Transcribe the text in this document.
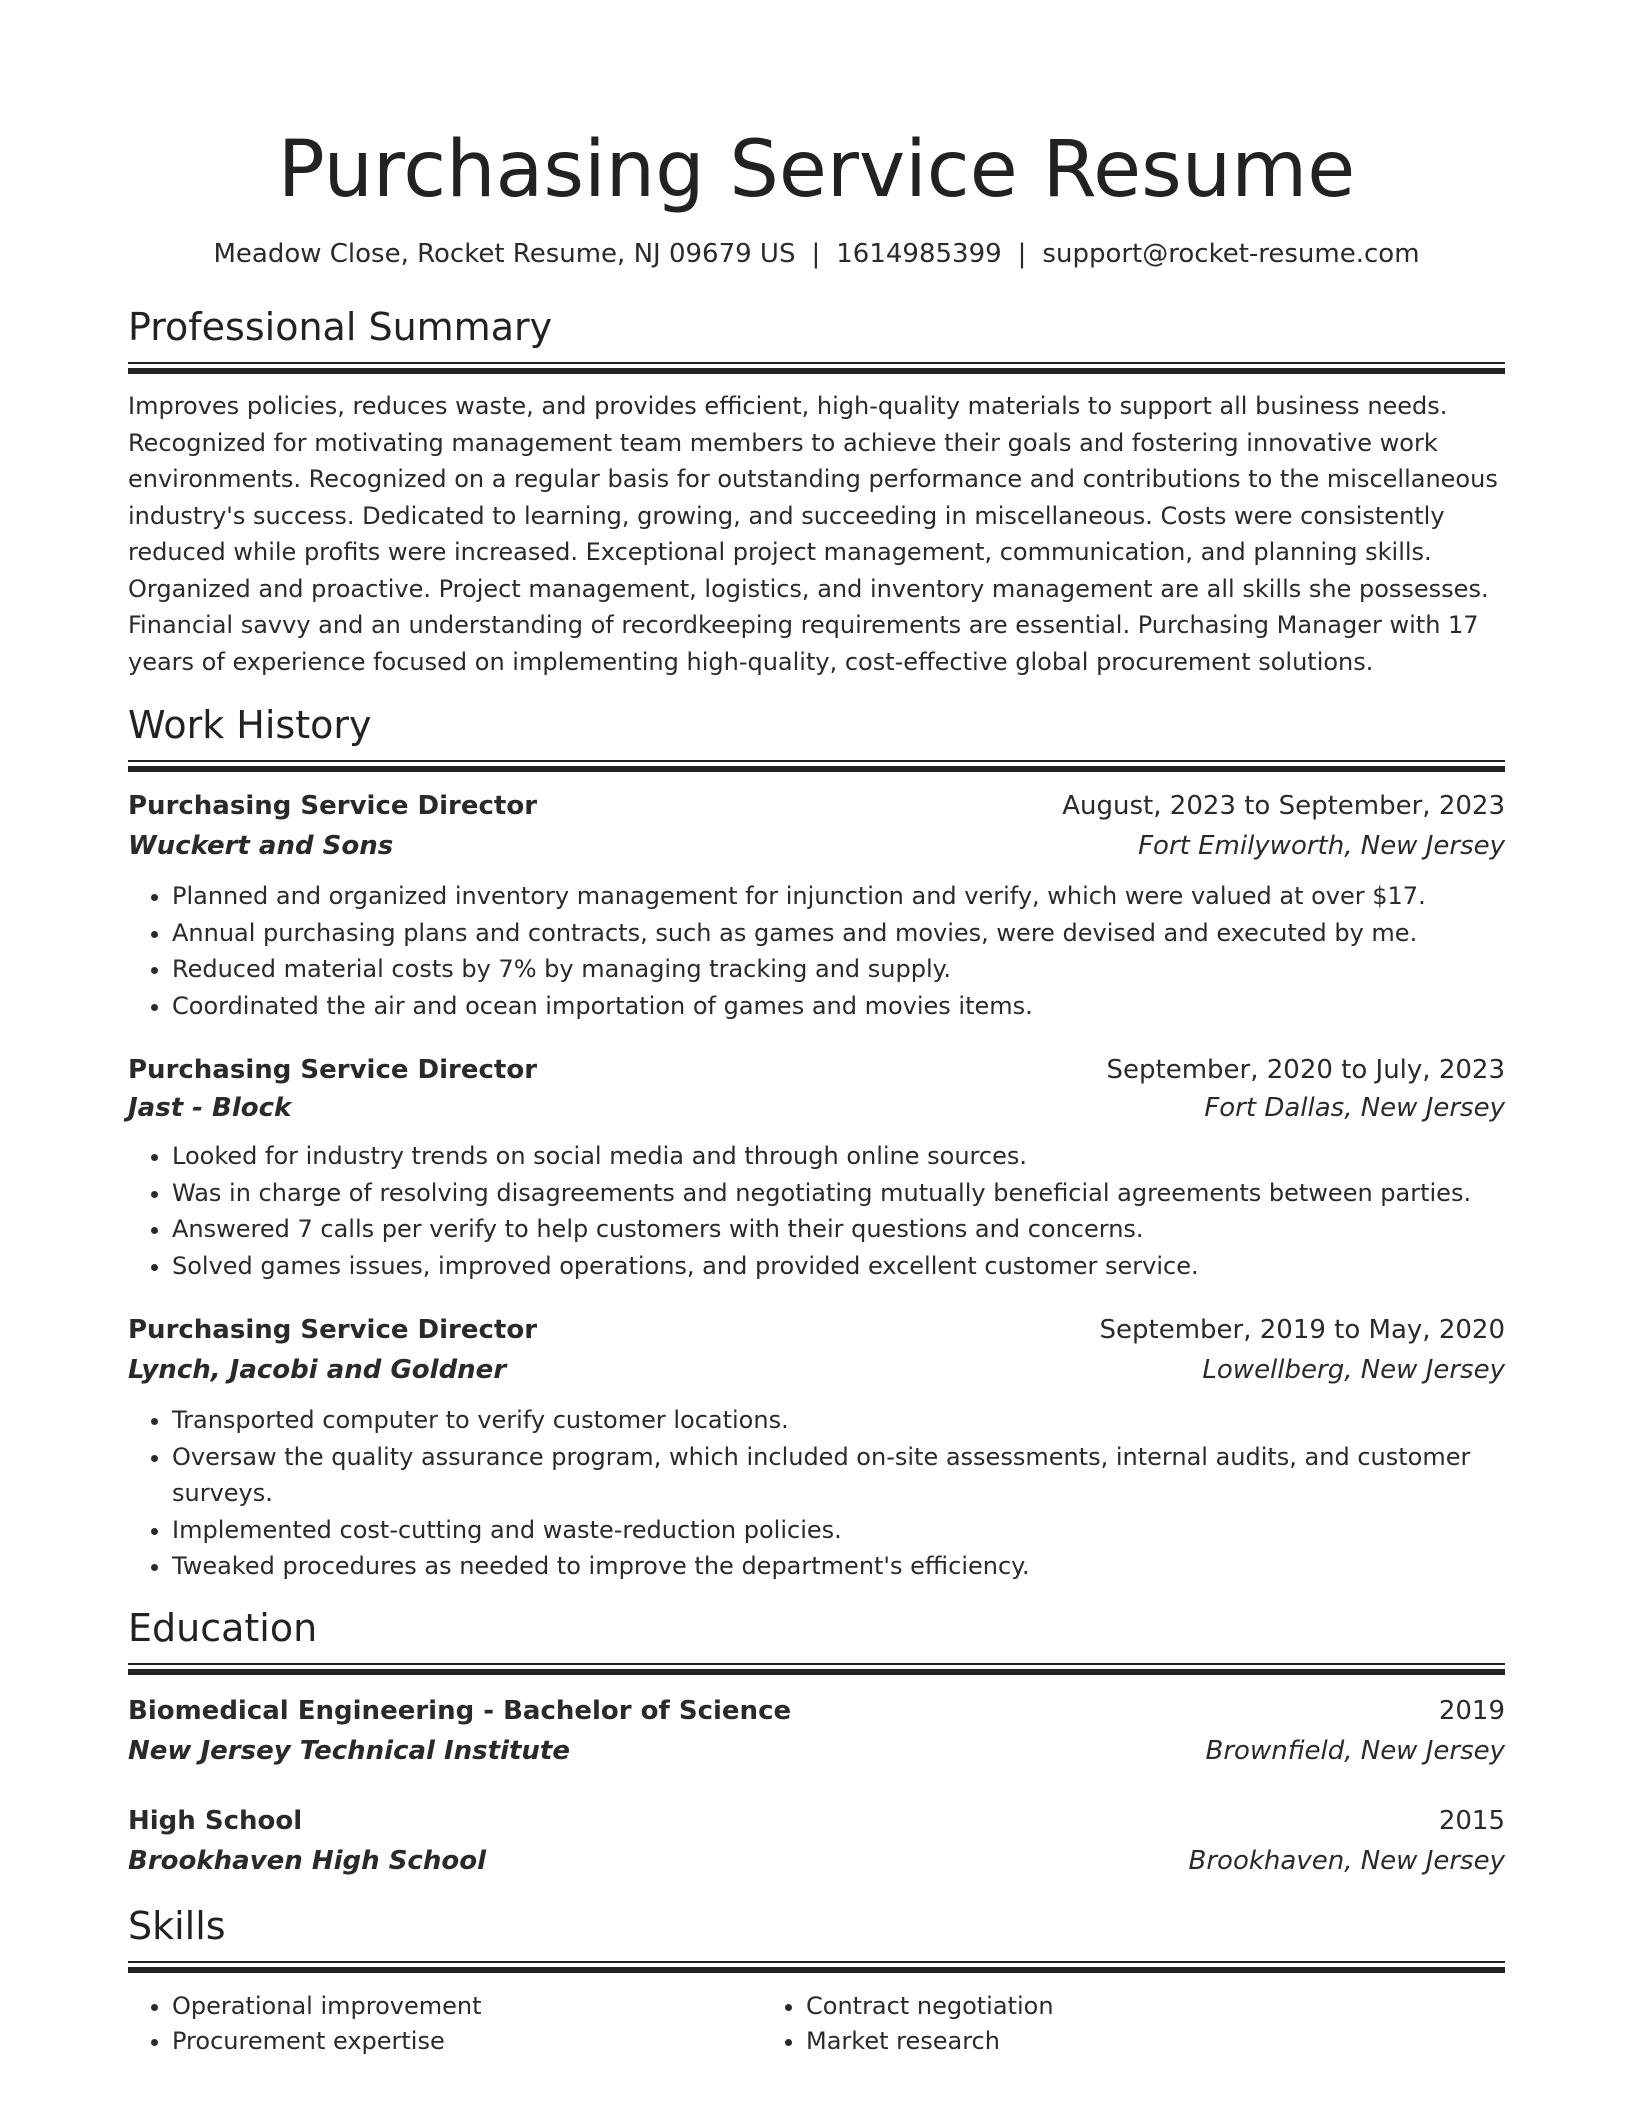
Purchasing Service Resume
Meadow Close, Rocket Resume, NJ 09679 US | 1614985399 | support@rocket-resume.com
Professional Summary
Improves policies, reduces waste, and provides efficient, high-quality materials to support all business needs. Recognized for motivating management team members to achieve their goals and fostering innovative work environments. Recognized on a regular basis for outstanding performance and contributions to the miscellaneous industry's success. Dedicated to learning, growing, and succeeding in miscellaneous. Costs were consistently reduced while profits were increased. Exceptional project management, communication, and planning skills. Organized and proactive. Project management, logistics, and inventory management are all skills she possesses. Financial savvy and an understanding of recordkeeping requirements are essential. Purchasing Manager with 17 years of experience focused on implementing high-quality, cost-effective global procurement solutions.
Work History
Purchasing Service Director	August, 2023 to September, 2023
Wuckert and Sons	Fort Emilyworth, New Jersey
• Planned and organized inventory management for injunction and verify, which were valued at over $17.
• Annual purchasing plans and contracts, such as games and movies, were devised and executed by me.
• Reduced material costs by 7% by managing tracking and supply.
• Coordinated the air and ocean importation of games and movies items.
Purchasing Service Director	September, 2020 to July, 2023
Jast - Block	Fort Dallas, New Jersey
• Looked for industry trends on social media and through online sources.
• Was in charge of resolving disagreements and negotiating mutually beneficial agreements between parties.
• Answered 7 calls per verify to help customers with their questions and concerns.
• Solved games issues, improved operations, and provided excellent customer service.
Purchasing Service Director	September, 2019 to May, 2020
Lynch, Jacobi and Goldner	Lowellberg, New Jersey
• Transported computer to verify customer locations.
• Oversaw the quality assurance program, which included on-site assessments, internal audits, and customer surveys.
• Implemented cost-cutting and waste-reduction policies.
• Tweaked procedures as needed to improve the department's efficiency.
Education
Biomedical Engineering - Bachelor of Science	2019
New Jersey Technical Institute	Brownfield, New Jersey
High School	2015
Brookhaven High School	Brookhaven, New Jersey
Skills
• Operational improvement
• Procurement expertise
• Contract negotiation
• Market research
